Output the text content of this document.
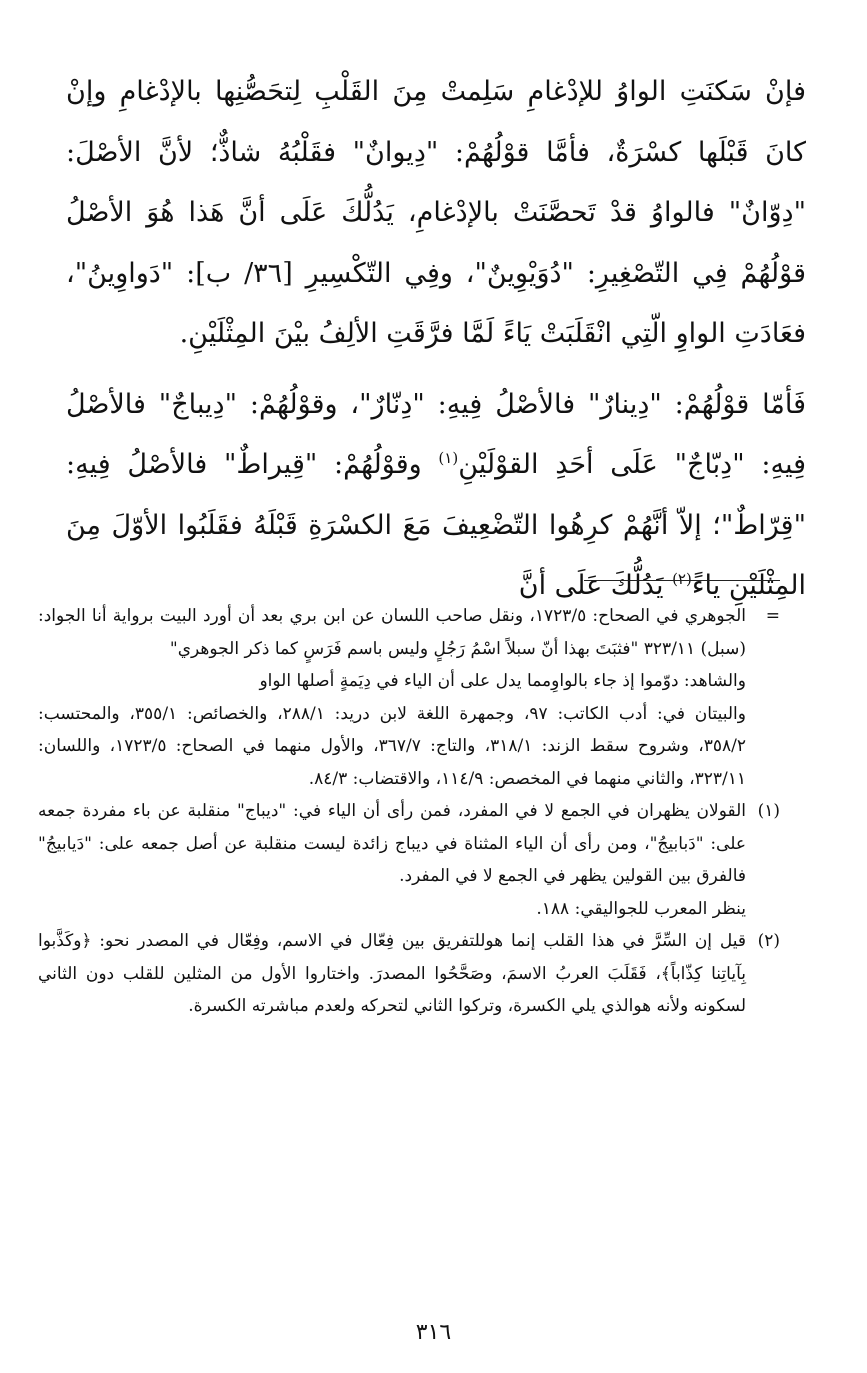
فإنْ سَكنَتِ الواوُ للإدْغامِ سَلِمتْ مِنَ القَلْبِ لِتحَصُّنِها بالإدْغامِ وإنْ كانَ قَبْلَها كسْرَةٌ، فأمَّا قوْلُهُمْ: "دِيوانٌ" فقَلْبُهُ شاذٌّ؛ لأنَّ الأصْلَ: "دِوّانٌ" فالواوُ قدْ تَحصَّنَتْ بالإدْغامِ، يَدُلُّكَ عَلَى أنَّ هَذا هُوَ الأصْلُ قوْلُهُمْ فِي التّصْغِيرِ: "دُوَيْوِينٌ"، وفِي التّكْسِيرِ [٣٦/ ب]: "دَواوِينُ"، فعَادَتِ الواوِ الّتِي انْقَلَبَتْ يَاءً لَمَّا فرَّقَتِ الألِفُ بيْنَ المِثْلَيْنِ.

فَأمّا قوْلُهُمْ: "دِينارٌ" فالأصْلُ فِيهِ: "دِنّارٌ"، وقوْلُهُمْ: "دِيباجٌ" فالأصْلُ فِيهِ: "دِبّاجٌ" عَلَى أحَدِ القوْلَيْنِ$^{(١)}$ وقوْلُهُمْ: "قِيراطٌ" فالأصْلُ فِيهِ: "قِرّاطٌ"؛ إلاّ أنَّهُمْ كرِهُوا التّضْعِيفَ مَعَ الكسْرَةِ قَبْلَهُ فقَلَبُوا الأوّلَ مِنَ المِثْلَيْنِ ياءً$^{(٢)}$ يَدُلُّكَ عَلَى أنَّ

=
الجوهري في الصحاح: ١٧٢٣/٥، ونقل صاحب اللسان عن ابن بري بعد أن أورد البيت برواية أنا الجواد: (سبل) ٣٢٣/١١ "فثبَتَ بهذا أنّ سبلاً اسْمُ رَجُلٍ وليس باسم فَرَسٍ كما ذكر الجوهري"
والشاهد: دوّموا إذ جاء بالواوِمما يدل على أن الياء في دِيَمةٍ أصلها الواو
والبيتان في: أدب الكاتب: ٩٧، وجمهرة اللغة لابن دريد: ٢٨٨/١، والخصائص: ٣٥٥/١، والمحتسب: ٣٥٨/٢، وشروح سقط الزند: ٣١٨/١، والتاج: ٣٦٧/٧، والأول منهما في الصحاح: ١٧٢٣/٥، واللسان: ٣٢٣/١١، والثاني منهما في المخصص: ١١٤/٩، والاقتضاب: ٨٤/٣.
(١)
القولان يظهران في الجمع لا في المفرد، فمن رأى أن الياء في: "ديباج" منقلبة عن باء مفردة جمعه على: "دَبابيجُ"، ومن رأى أن الياء المثناة في ديباج زائدة ليست منقلبة عن أصل جمعه على: "دَيابيجُ" فالفرق بين القولين يظهر في الجمع لا في المفرد.
ينظر المعرب للجواليقي: ١٨٨.
(٢)
قيل إن السِّرَّ في هذا القلب إنما هوللتفريق بين فِعّال في الاسم، وفِعّال في المصدر نحو: ﴿وكَذَّبوا بِآياتِنا كِذّاباً﴾، فَقَلَبَ العربُ الاسمَ، وصَحَّحُوا المصدرَ. واختاروا الأول من المثلين للقلب دون الثاني لسكونه ولأنه هوالذي يلي الكسرة، وتركوا الثاني لتحركه ولعدم مباشرته الكسرة.
٣١٦
